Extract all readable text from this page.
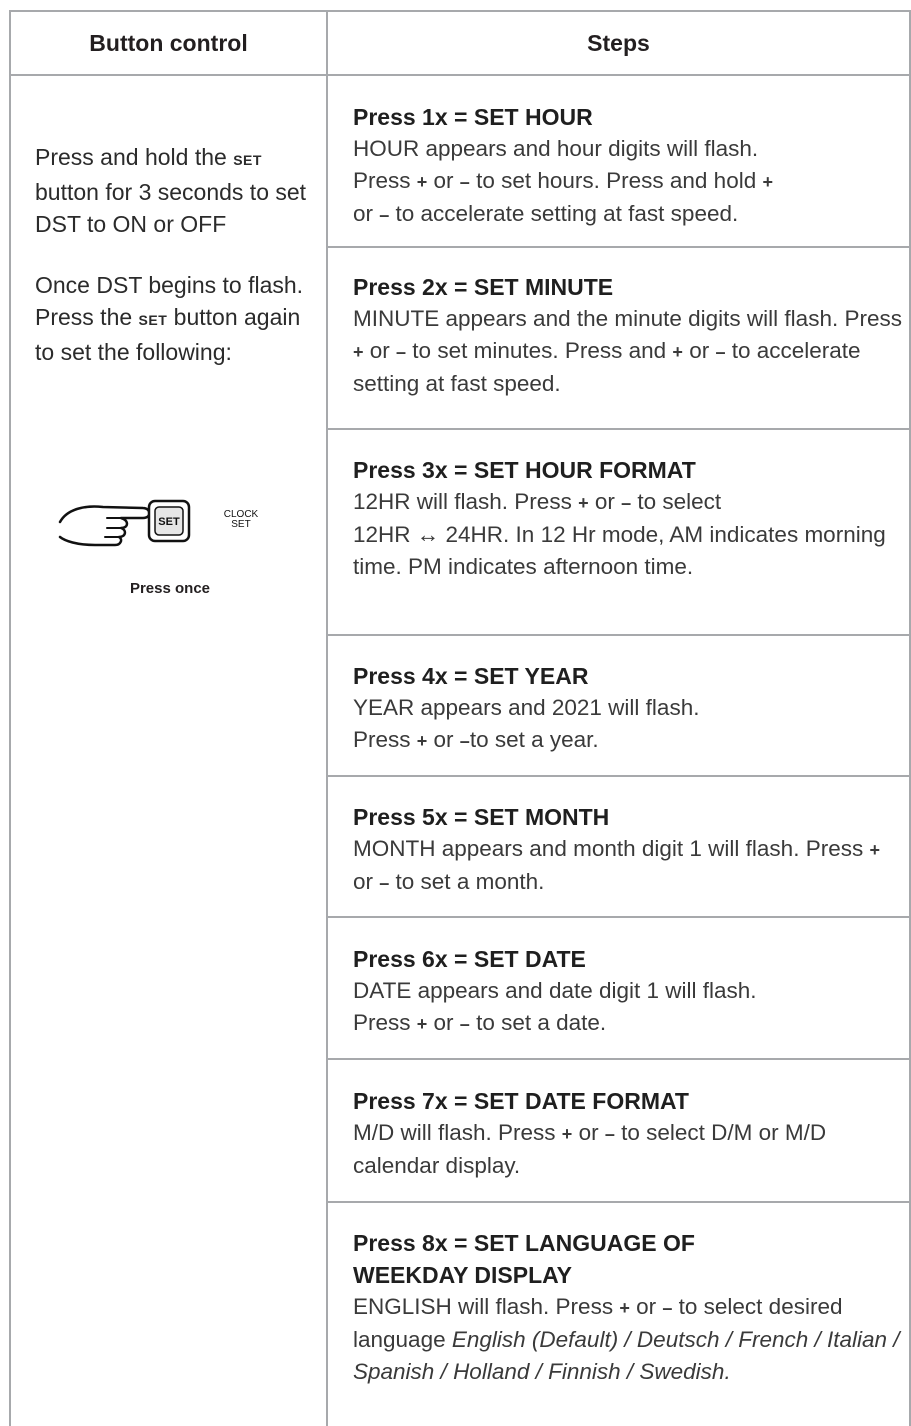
Button control	Steps

Press and hold the SET button for 3 seconds to set DST to ON or OFF

Once DST begins to flash. Press the SET button again to set the following:

SET
CLOCK
SET
Press once
Press 1x = SET HOUR

HOUR appears and hour digits will flash.
Press + or – to set hours. Press and hold +
or – to accelerate setting at fast speed.

Press 2x = SET MINUTE

MINUTE appears and the minute digits will flash. Press + or – to set minutes. Press and + or – to accelerate setting at fast speed.

Press 3x = SET HOUR FORMAT

12HR will flash. Press + or – to select
12HR ↔ 24HR. In 12 Hr mode, AM indicates morning time. PM indicates afternoon time.

Press 4x = SET YEAR

YEAR appears and 2021 will flash.
Press + or –to set a year.

Press 5x = SET MONTH

MONTH appears and month digit 1 will flash. Press + or – to set a month.

Press 6x = SET DATE

DATE appears and date digit 1 will flash.
Press + or – to set a date.

Press 7x = SET DATE FORMAT

M/D will flash. Press + or – to select D/M or M/D calendar display.

Press 8x = SET LANGUAGE OF
WEEKDAY DISPLAY

ENGLISH will flash. Press + or – to select desired language English (Default) / Deutsch / French / Italian / Spanish / Holland / Finnish / Swedish.
